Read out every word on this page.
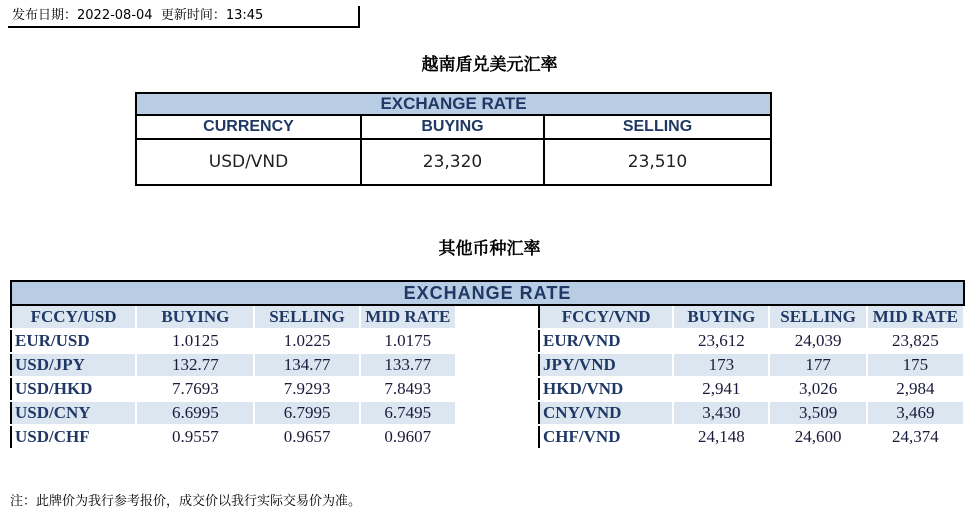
发布日期：2022-08-04 更新时间：13:45
越南盾兑美元汇率
EXCHANGE RATE		
CURRENCY	BUYING	SELLING
USD/VND	23,320	23,510
其他币种汇率
EXCHANGE RATE								
FCCY/USD	BUYING	SELLING	MID RATE		FCCY/VND	BUYING	SELLING	MID RATE
EUR/USD	1.0125	1.0225	1.0175		EUR/VND	23,612	24,039	23,825
USD/JPY	132.77	134.77	133.77		JPY/VND	173	177	175
USD/HKD	7.7693	7.9293	7.8493		HKD/VND	2,941	3,026	2,984
USD/CNY	6.6995	6.7995	6.7495		CNY/VND	3,430	3,509	3,469
USD/CHF	0.9557	0.9657	0.9607		CHF/VND	24,148	24,600	24,374
注：此牌价为我行参考报价，成交价以我行实际交易价为准。
